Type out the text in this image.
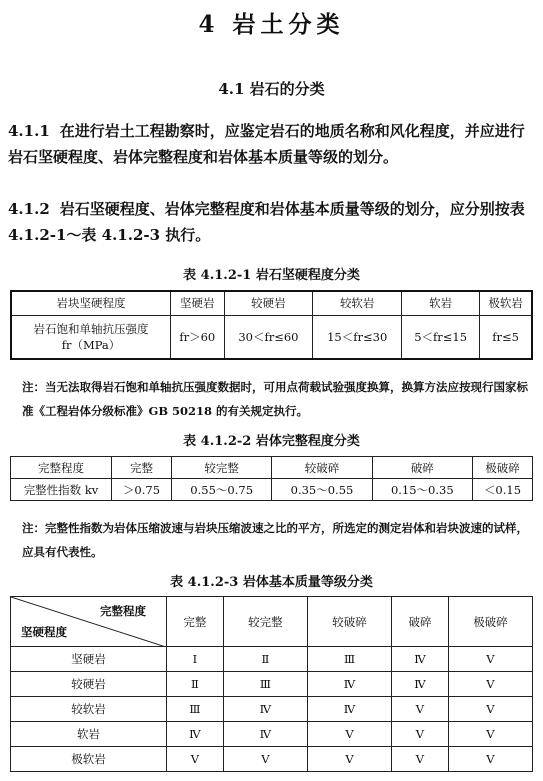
4 岩土分类
4.1 岩石的分类
4.1.1 在进行岩土工程勘察时，应鉴定岩石的地质名称和风化程度，并应进行岩石坚硬程度、岩体完整程度和岩体基本质量等级的划分。
4.1.2 岩石坚硬程度、岩体完整程度和岩体基本质量等级的划分，应分别按表 4.1.2-1～表 4.1.2-3 执行。
表 4.1.2-1 岩石坚硬程度分类
岩块坚硬程度	坚硬岩	较硬岩	较软岩	软岩	极软岩

岩石饱和单轴抗压强度
fr（MPa）	fr＞60	30＜fr≤60	15＜fr≤30	5＜fr≤15	fr≤5
注：当无法取得岩石饱和单轴抗压强度数据时，可用点荷载试验强度换算，换算方法应按现行国家标准《工程岩体分级标准》GB 50218 的有关规定执行。
表 4.1.2-2 岩体完整程度分类
完整程度	完整	较完整	较破碎	破碎	极破碎
完整性指数 kv	＞0.75	0.55～0.75	0.35～0.55	0.15～0.35	＜0.15
注：完整性指数为岩体压缩波速与岩块压缩波速之比的平方，所选定的测定岩体和岩块波速的试样，应具有代表性。
表 4.1.2-3 岩体基本质量等级分类
完整程度
坚硬程度	完整	较完整	较破碎	破碎	极破碎
坚硬岩	Ⅰ	Ⅱ	Ⅲ	Ⅳ	Ⅴ
较硬岩	Ⅱ	Ⅲ	Ⅳ	Ⅳ	Ⅴ
较软岩	Ⅲ	Ⅳ	Ⅳ	Ⅴ	Ⅴ
软岩	Ⅳ	Ⅳ	Ⅴ	Ⅴ	Ⅴ
极软岩	Ⅴ	Ⅴ	Ⅴ	Ⅴ	Ⅴ
